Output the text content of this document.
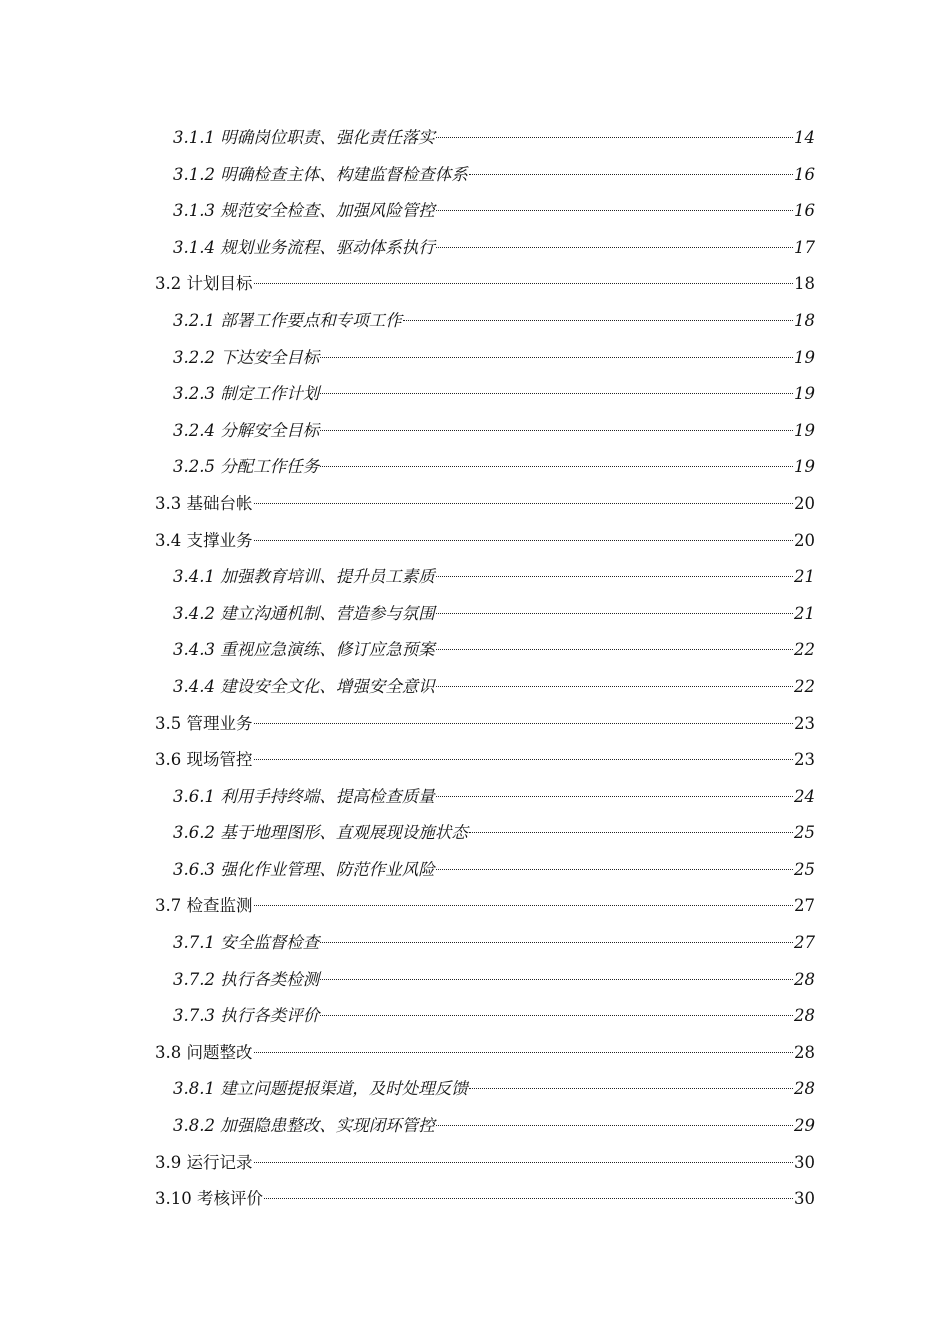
3.1.1 明确岗位职责、强化责任落实	14
3.1.2 明确检查主体、构建监督检查体系	16
3.1.3 规范安全检查、加强风险管控	16
3.1.4 规划业务流程、驱动体系执行	17
3.2 计划目标	18
3.2.1 部署工作要点和专项工作	18
3.2.2 下达安全目标	19
3.2.3 制定工作计划	19
3.2.4 分解安全目标	19
3.2.5 分配工作任务	19
3.3 基础台帐	20
3.4 支撑业务	20
3.4.1 加强教育培训、提升员工素质	21
3.4.2 建立沟通机制、营造参与氛围	21
3.4.3 重视应急演练、修订应急预案	22
3.4.4 建设安全文化、增强安全意识	22
3.5 管理业务	23
3.6 现场管控	23
3.6.1 利用手持终端、提高检查质量	24
3.6.2 基于地理图形、直观展现设施状态	25
3.6.3 强化作业管理、防范作业风险	25
3.7 检查监测	27
3.7.1 安全监督检查	27
3.7.2 执行各类检测	28
3.7.3 执行各类评价	28
3.8 问题整改	28
3.8.1 建立问题提报渠道，及时处理反馈	28
3.8.2 加强隐患整改、实现闭环管控	29
3.9 运行记录	30
3.10 考核评价	30
